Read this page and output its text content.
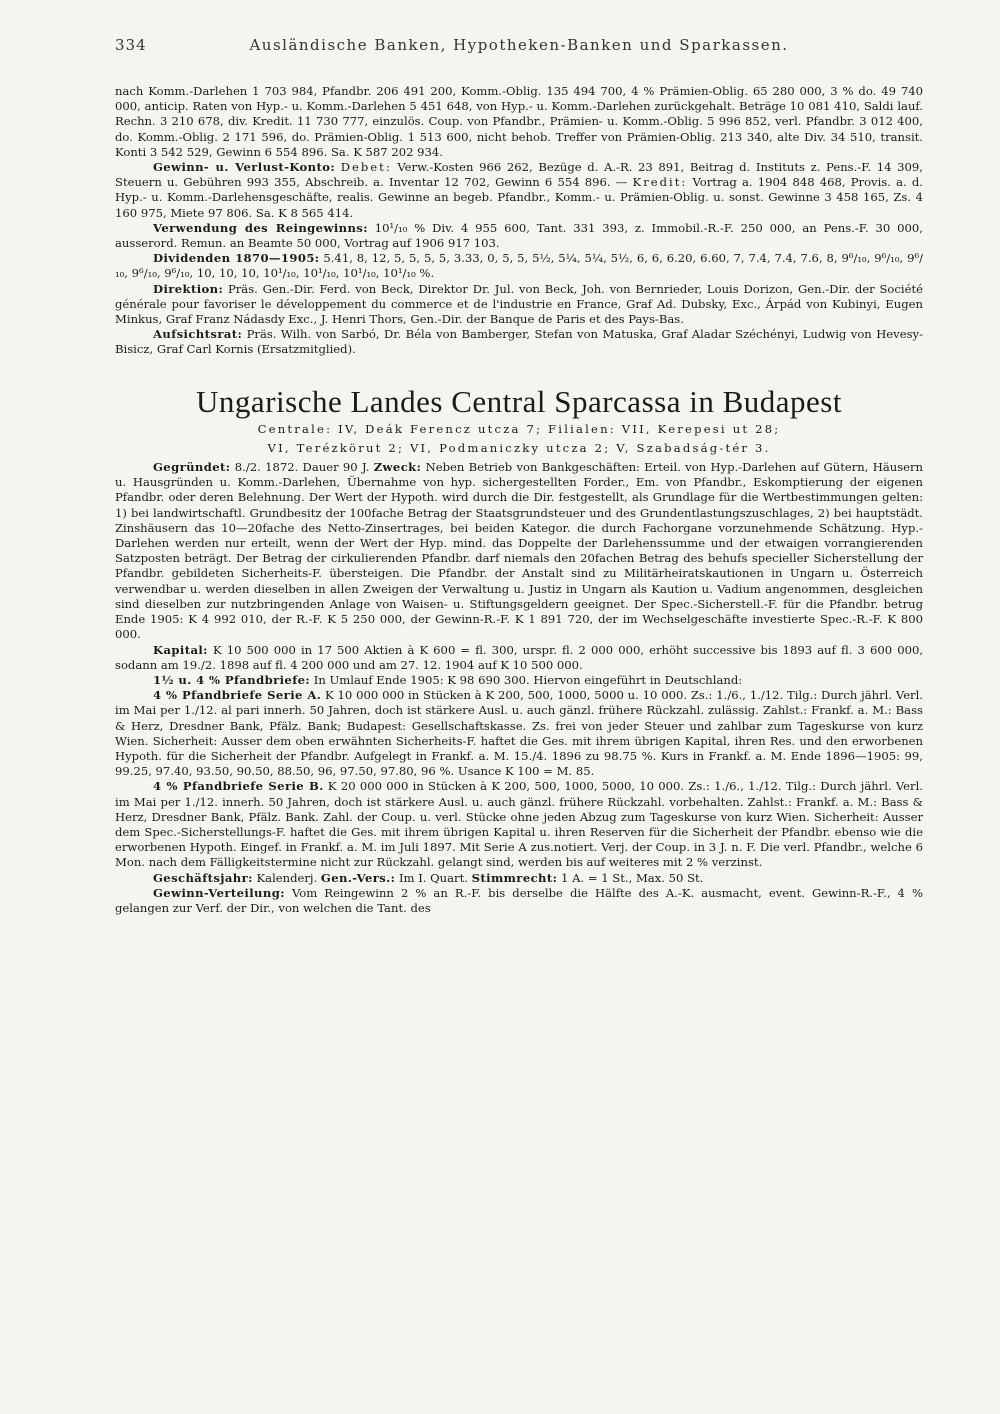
334	Ausländische Banken, Hypotheken-Banken und Sparkassen.

nach Komm.-Darlehen 1 703 984, Pfandbr. 206 491 200, Komm.-Oblig. 135 494 700, 4 % Prämien-Oblig. 65 280 000, 3 % do. 49 740 000, anticip. Raten von Hyp.- u. Komm.-Darlehen 5 451 648, von Hyp.- u. Komm.-Darlehen zurückgehalt. Beträge 10 081 410, Saldi lauf. Rechn. 3 210 678, div. Kredit. 11 730 777, einzulös. Coup. von Pfandbr., Prämien- u. Komm.-Oblig. 5 996 852, verl. Pfandbr. 3 012 400, do. Komm.-Oblig. 2 171 596, do. Prämien-Oblig. 1 513 600, nicht behob. Treffer von Prämien-Oblig. 213 340, alte Div. 34 510, transit. Konti 3 542 529, Gewinn 6 554 896. Sa. K 587 202 934.

Gewinn- u. Verlust-Konto: Debet: Verw.-Kosten 966 262, Bezüge d. A.-R. 23 891, Beitrag d. Instituts z. Pens.-F. 14 309, Steuern u. Gebühren 993 355, Abschreib. a. Inventar 12 702, Gewinn 6 554 896. — Kredit: Vortrag a. 1904 848 468, Provis. a. d. Hyp.- u. Komm.-Darlehensgeschäfte, realis. Gewinne an begeb. Pfandbr., Komm.- u. Prämien-Oblig. u. sonst. Gewinne 3 458 165, Zs. 4 160 975, Miete 97 806. Sa. K 8 565 414.

Verwendung des Reingewinns: 10¹/₁₀ % Div. 4 955 600, Tant. 331 393, z. Immobil.-R.-F. 250 000, an Pens.-F. 30 000, ausserord. Remun. an Beamte 50 000, Vortrag auf 1906 917 103.

Dividenden 1870—1905: 5.41, 8, 12, 5, 5, 5, 5, 3.33, 0, 5, 5, 5½, 5¼, 5¼, 5½, 6, 6, 6.20, 6.60, 7, 7.4, 7.4, 7.6, 8, 9⁶/₁₀, 9⁶/₁₀, 9⁶/₁₀, 9⁶/₁₀, 9⁶/₁₀, 10, 10, 10, 10¹/₁₀, 10¹/₁₀, 10¹/₁₀, 10¹/₁₀ %.

Direktion: Präs. Gen.-Dir. Ferd. von Beck, Direktor Dr. Jul. von Beck, Joh. von Bernrieder, Louis Dorizon, Gen.-Dir. der Société générale pour favoriser le développement du commerce et de l'industrie en France, Graf Ad. Dubsky, Exc., Árpád von Kubinyi, Eugen Minkus, Graf Franz Nádasdy Exc., J. Henri Thors, Gen.-Dir. der Banque de Paris et des Pays-Bas.

Aufsichtsrat: Präs. Wilh. von Sarbó, Dr. Béla von Bamberger, Stefan von Matuska, Graf Aladar Széchényi, Ludwig von Hevesy-Bisicz, Graf Carl Kornis (Ersatzmitglied).

Ungarische Landes Central Sparcassa in Budapest

Centrale: IV, Deák Ferencz utcza 7; Filialen: VII, Kerepesi ut 28;

VI, Terézkörut 2; VI, Podmaniczky utcza 2; V, Szabadság-tér 3.

Gegründet: 8./2. 1872. Dauer 90 J. Zweck: Neben Betrieb von Bankgeschäften: Erteil. von Hyp.-Darlehen auf Gütern, Häusern u. Hausgründen u. Komm.-Darlehen, Übernahme von hyp. sichergestellten Forder., Em. von Pfandbr., Eskomptierung der eigenen Pfandbr. oder deren Belehnung. Der Wert der Hypoth. wird durch die Dir. festgestellt, als Grundlage für die Wertbestimmungen gelten: 1) bei landwirtschaftl. Grundbesitz der 100fache Betrag der Staatsgrundsteuer und des Grundentlastungszuschlages, 2) bei hauptstädt. Zinshäusern das 10—20fache des Netto-Zinsertrages, bei beiden Kategor. die durch Fachorgane vorzunehmende Schätzung. Hyp.-Darlehen werden nur erteilt, wenn der Wert der Hyp. mind. das Doppelte der Darlehenssumme und der etwaigen vorrangierenden Satzposten beträgt. Der Betrag der cirkulierenden Pfandbr. darf niemals den 20fachen Betrag des behufs specieller Sicherstellung der Pfandbr. gebildeten Sicherheits-F. übersteigen. Die Pfandbr. der Anstalt sind zu Militärheiratskautionen in Ungarn u. Österreich verwendbar u. werden dieselben in allen Zweigen der Verwaltung u. Justiz in Ungarn als Kaution u. Vadium angenommen, desgleichen sind dieselben zur nutzbringenden Anlage von Waisen- u. Stiftungsgeldern geeignet. Der Spec.-Sicherstell.-F. für die Pfandbr. betrug Ende 1905: K 4 992 010, der R.-F. K 5 250 000, der Gewinn-R.-F. K 1 891 720, der im Wechselgeschäfte investierte Spec.-R.-F. K 800 000.

Kapital: K 10 500 000 in 17 500 Aktien à K 600 = fl. 300, urspr. fl. 2 000 000, erhöht successive bis 1893 auf fl. 3 600 000, sodann am 19./2. 1898 auf fl. 4 200 000 und am 27. 12. 1904 auf K 10 500 000.

1½ u. 4 % Pfandbriefe: In Umlauf Ende 1905: K 98 690 300. Hiervon eingeführt in Deutschland:

4 % Pfandbriefe Serie A. K 10 000 000 in Stücken à K 200, 500, 1000, 5000 u. 10 000. Zs.: 1./6., 1./12. Tilg.: Durch jährl. Verl. im Mai per 1./12. al pari innerh. 50 Jahren, doch ist stärkere Ausl. u. auch gänzl. frühere Rückzahl. zulässig. Zahlst.: Frankf. a. M.: Bass & Herz, Dresdner Bank, Pfälz. Bank; Budapest: Gesellschaftskasse. Zs. frei von jeder Steuer und zahlbar zum Tageskurse von kurz Wien. Sicherheit: Ausser dem oben erwähnten Sicherheits-F. haftet die Ges. mit ihrem übrigen Kapital, ihren Res. und den erworbenen Hypoth. für die Sicherheit der Pfandbr. Aufgelegt in Frankf. a. M. 15./4. 1896 zu 98.75 %. Kurs in Frankf. a. M. Ende 1896—1905: 99, 99.25, 97.40, 93.50, 90.50, 88.50, 96, 97.50, 97.80, 96 %. Usance K 100 = M. 85.

4 % Pfandbriefe Serie B. K 20 000 000 in Stücken à K 200, 500, 1000, 5000, 10 000. Zs.: 1./6., 1./12. Tilg.: Durch jährl. Verl. im Mai per 1./12. innerh. 50 Jahren, doch ist stärkere Ausl. u. auch gänzl. frühere Rückzahl. vorbehalten. Zahlst.: Frankf. a. M.: Bass & Herz, Dresdner Bank, Pfälz. Bank. Zahl. der Coup. u. verl. Stücke ohne jeden Abzug zum Tageskurse von kurz Wien. Sicherheit: Ausser dem Spec.-Sicherstellungs-F. haftet die Ges. mit ihrem übrigen Kapital u. ihren Reserven für die Sicherheit der Pfandbr. ebenso wie die erworbenen Hypoth. Eingef. in Frankf. a. M. im Juli 1897. Mit Serie A zus.notiert. Verj. der Coup. in 3 J. n. F. Die verl. Pfandbr., welche 6 Mon. nach dem Fälligkeitstermine nicht zur Rückzahl. gelangt sind, werden bis auf weiteres mit 2 % verzinst.

Geschäftsjahr: Kalenderj. Gen.-Vers.: Im I. Quart. Stimmrecht: 1 A. = 1 St., Max. 50 St.

Gewinn-Verteilung: Vom Reingewinn 2 % an R.-F. bis derselbe die Hälfte des A.-K. ausmacht, event. Gewinn-R.-F., 4 % gelangen zur Verf. der Dir., von welchen die Tant. des
